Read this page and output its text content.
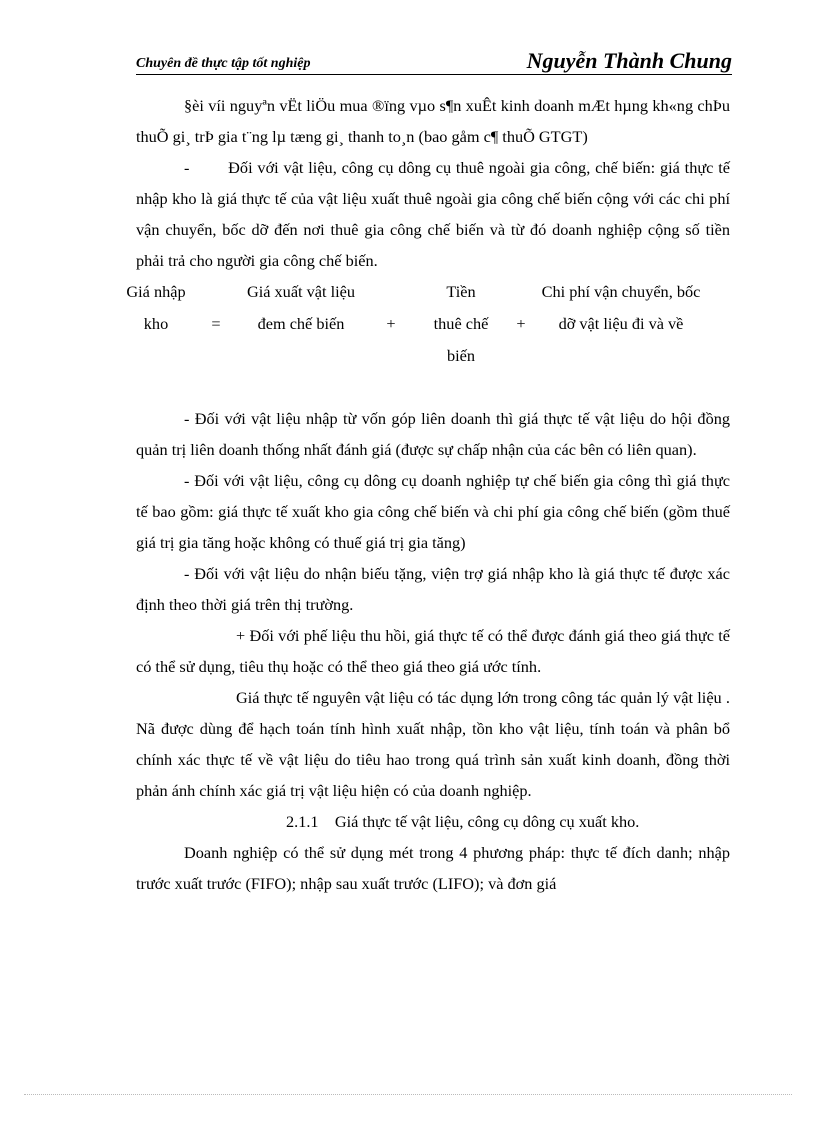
Chuyên đề thực tập tốt nghiệp	Nguyễn Thành Chung

§èi víi nguyªn vËt liÖu mua ®ïng vµo s¶n xuÊt kinh doanh mÆt hµng kh«ng chÞu thuÕ gi¸ trÞ gia t¨ng lµ tæng gi¸ thanh to¸n (bao gåm c¶ thuÕ GTGT)

-        Đối với vật liệu, công cụ dông cụ thuê ngoài gia công, chế biến: giá thực tế nhập kho là giá thực tế của vật liệu xuất thuê ngoài gia công chế biến cộng với các chi phí vận chuyển, bốc dỡ đến nơi thuê gia công chế biến và từ đó doanh nghiệp cộng số tiền phải trả cho người gia công chế biến.

Giá nhập
kho	
=
Giá xuất vật liệu
đem chế biến	
+
Tiền
thuê chế
biến

+
Chi phí vận chuyển, bốc
dỡ vật liệu đi và về

- Đối với vật liệu nhập từ vốn góp liên doanh thì giá thực tế vật liệu do hội đồng quản trị liên doanh thống nhất đánh giá (được sự chấp nhận của các bên có liên quan).

- Đối với vật liệu, công cụ dông cụ doanh nghiệp tự chế biến gia công thì giá thực tế bao gồm: giá thực tế xuất kho gia công chế biến và chi phí gia công chế biến (gồm thuế giá trị gia tăng hoặc không có thuế giá trị gia tăng)

- Đối với vật liệu do nhận biếu tặng, viện trợ giá nhập kho là giá thực tế được xác định theo thời giá trên thị trường.

+ Đối với phế liệu thu hồi, giá thực tế có thể được đánh giá theo giá thực tế có thể sử dụng, tiêu thụ hoặc có thể theo giá theo giá ước tính.

Giá thực tế nguyên vật liệu có tác dụng lớn trong công tác quản lý vật liệu . Nã được dùng để hạch toán tính hình xuất nhập, tồn kho vật liệu, tính toán và phân bổ chính xác thực tế về vật liệu do tiêu hao trong quá trình sản xuất kinh doanh, đồng thời phản ánh chính xác giá trị vật liệu hiện có của doanh nghiệp.

2.1.1    Giá thực tế vật liệu, công cụ dông cụ xuất kho.

Doanh nghiệp có thể sử dụng mét trong 4 phương pháp: thực tế đích danh; nhập trước xuất trước (FIFO); nhập sau xuất trước (LIFO); và đơn giá
